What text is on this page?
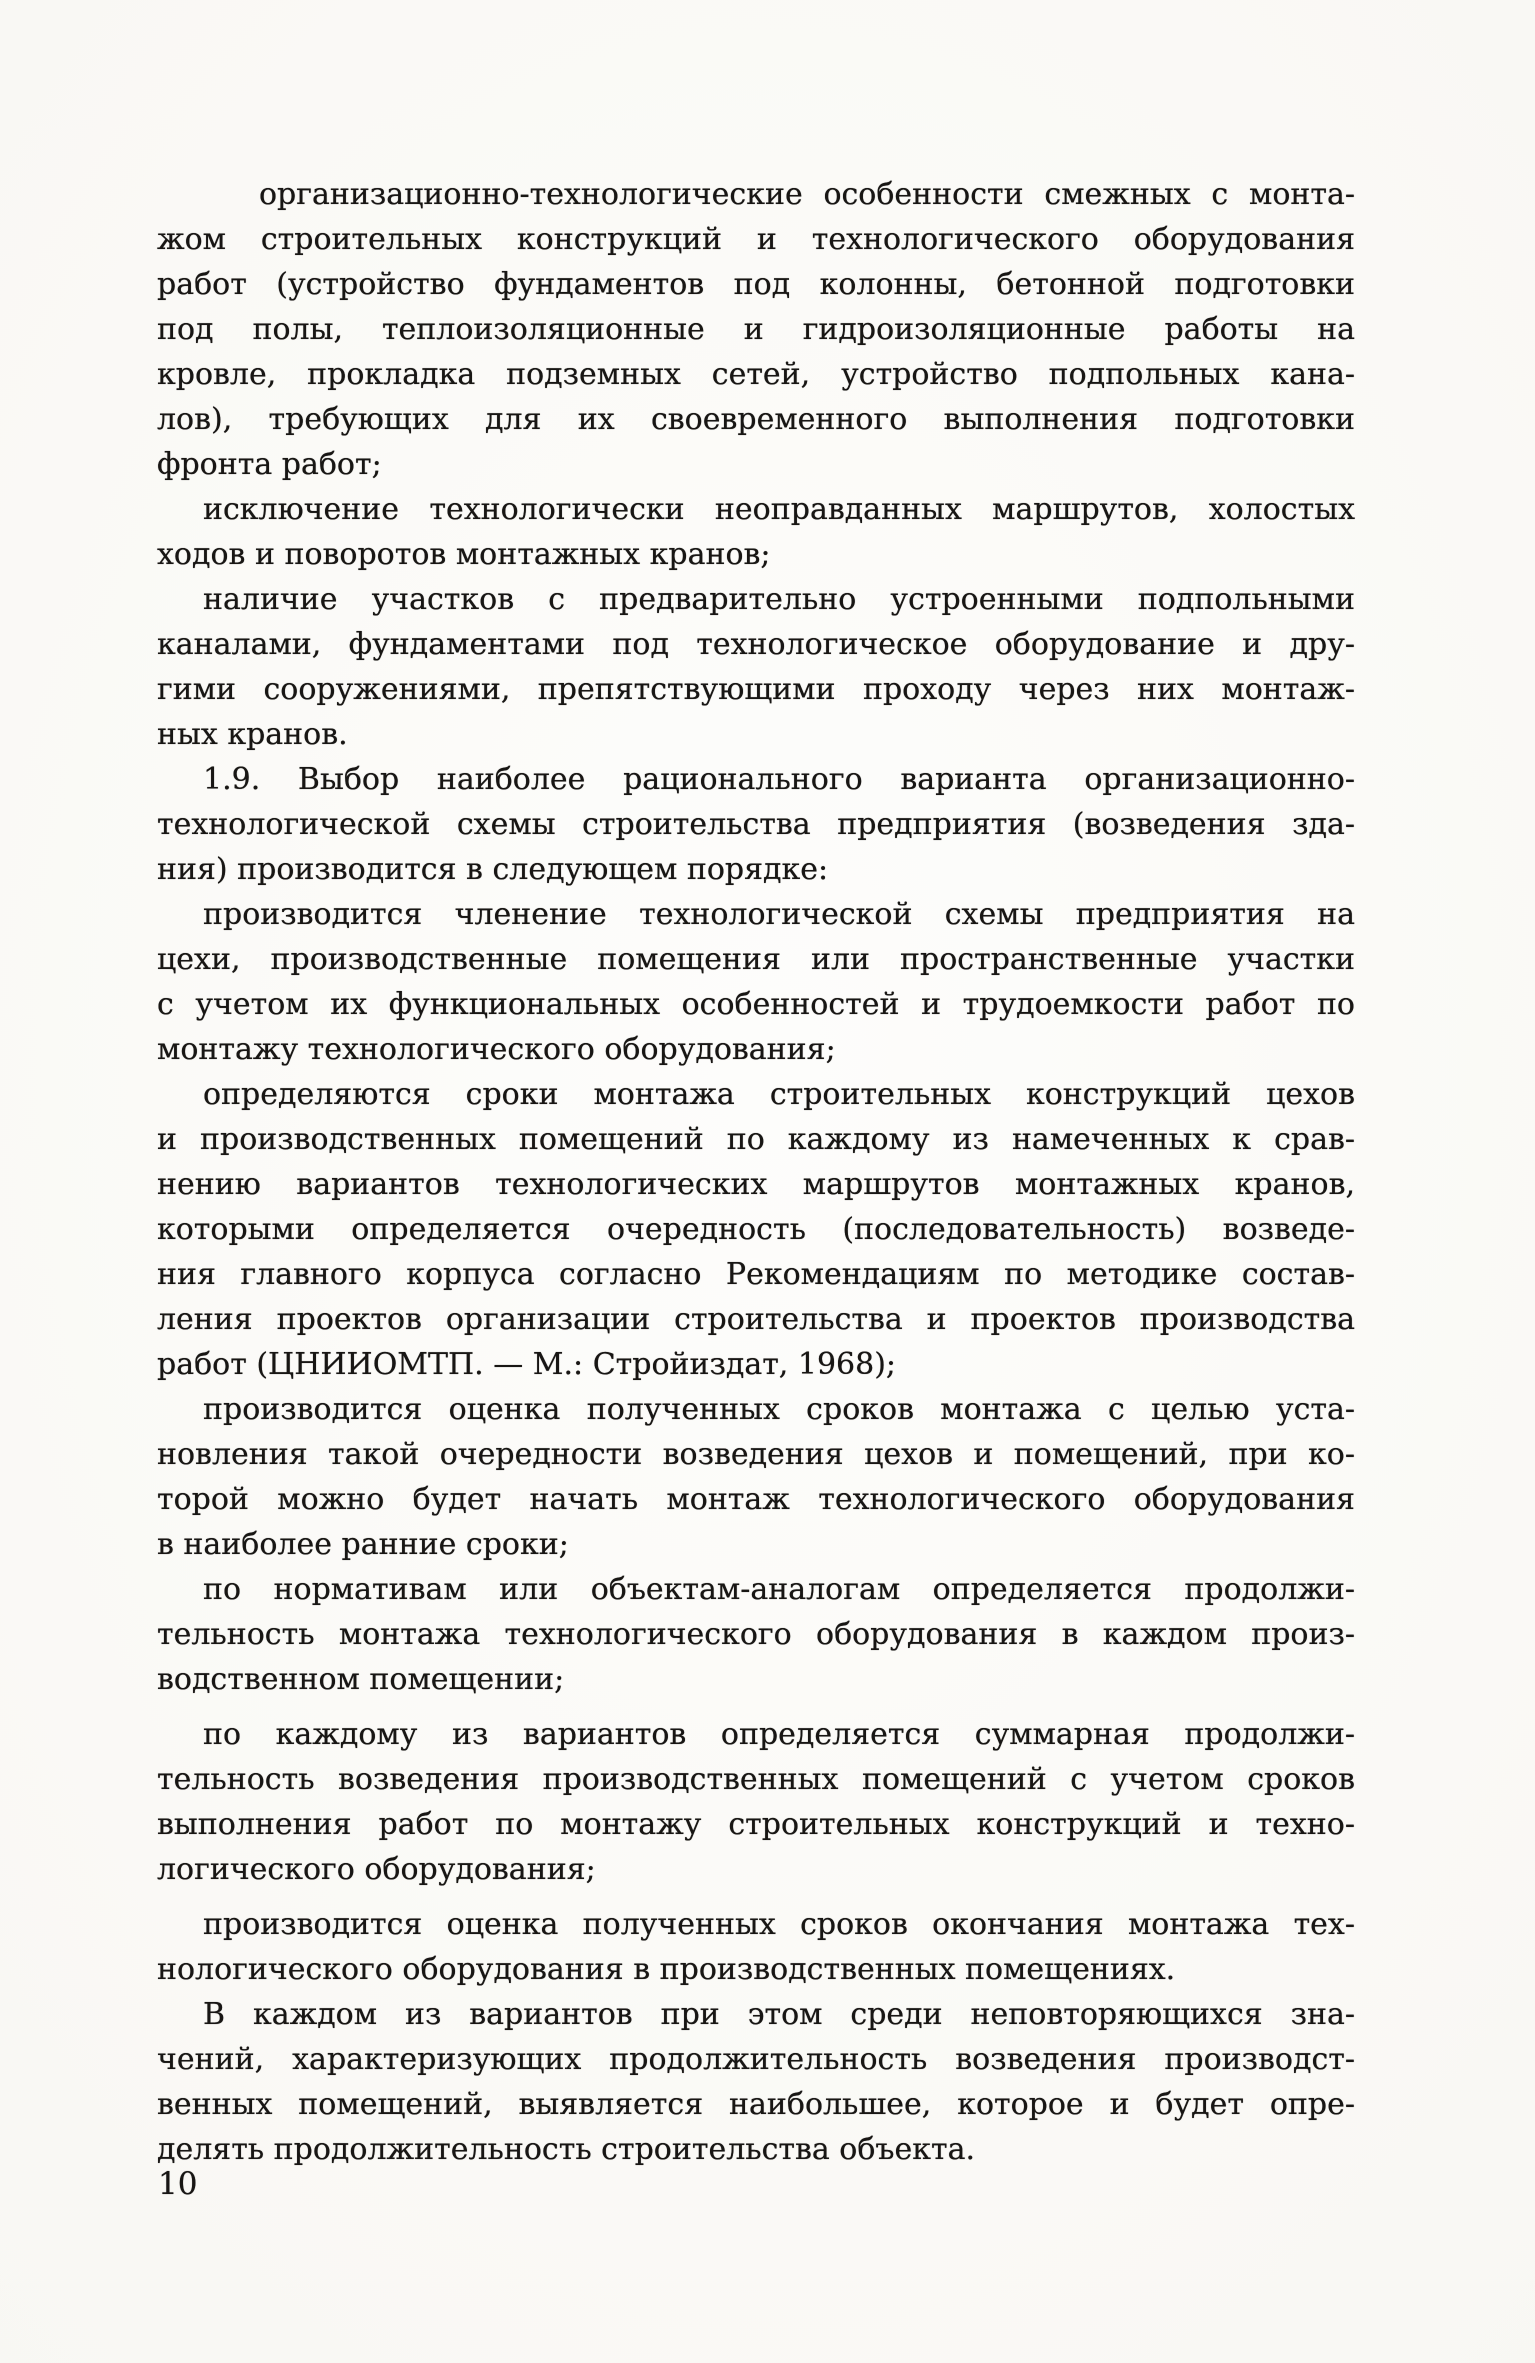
организационно-технологические особенности смежных с монта-
жом строительных конструкций и технологического оборудования
работ (устройство фундаментов под колонны, бетонной подготовки
под полы, теплоизоляционные и гидроизоляционные работы на
кровле, прокладка подземных сетей, устройство подпольных кана-
лов), требующих для их своевременного выполнения подготовки
фронта работ;
исключение технологически неоправданных маршрутов, холостых
ходов и поворотов монтажных кранов;
наличие участков с предварительно устроенными подпольными
каналами, фундаментами под технологическое оборудование и дру-
гими сооружениями, препятствующими проходу через них монтаж-
ных кранов.
1.9. Выбор наиболее рационального варианта организационно-
технологической схемы строительства предприятия (возведения зда-
ния) производится в следующем порядке:
производится членение технологической схемы предприятия на
цехи, производственные помещения или пространственные участки
с учетом их функциональных особенностей и трудоемкости работ по
монтажу технологического оборудования;
определяются сроки монтажа строительных конструкций цехов
и производственных помещений по каждому из намеченных к срав-
нению вариантов технологических маршрутов монтажных кранов,
которыми определяется очередность (последовательность) возведе-
ния главного корпуса согласно Рекомендациям по методике состав-
ления проектов организации строительства и проектов производства
работ (ЦНИИОМТП. — М.: Стройиздат, 1968);
производится оценка полученных сроков монтажа с целью уста-
новления такой очередности возведения цехов и помещений, при ко-
торой можно будет начать монтаж технологического оборудования
в наиболее ранние сроки;
по нормативам или объектам-аналогам определяется продолжи-
тельность монтажа технологического оборудования в каждом произ-
водственном помещении;
по каждому из вариантов определяется суммарная продолжи-
тельность возведения производственных помещений с учетом сроков
выполнения работ по монтажу строительных конструкций и техно-
логического оборудования;
производится оценка полученных сроков окончания монтажа тех-
нологического оборудования в производственных помещениях.
В каждом из вариантов при этом среди неповторяющихся зна-
чений, характеризующих продолжительность возведения производст-
венных помещений, выявляется наибольшее, которое и будет опре-
делять продолжительность строительства объекта.
10
